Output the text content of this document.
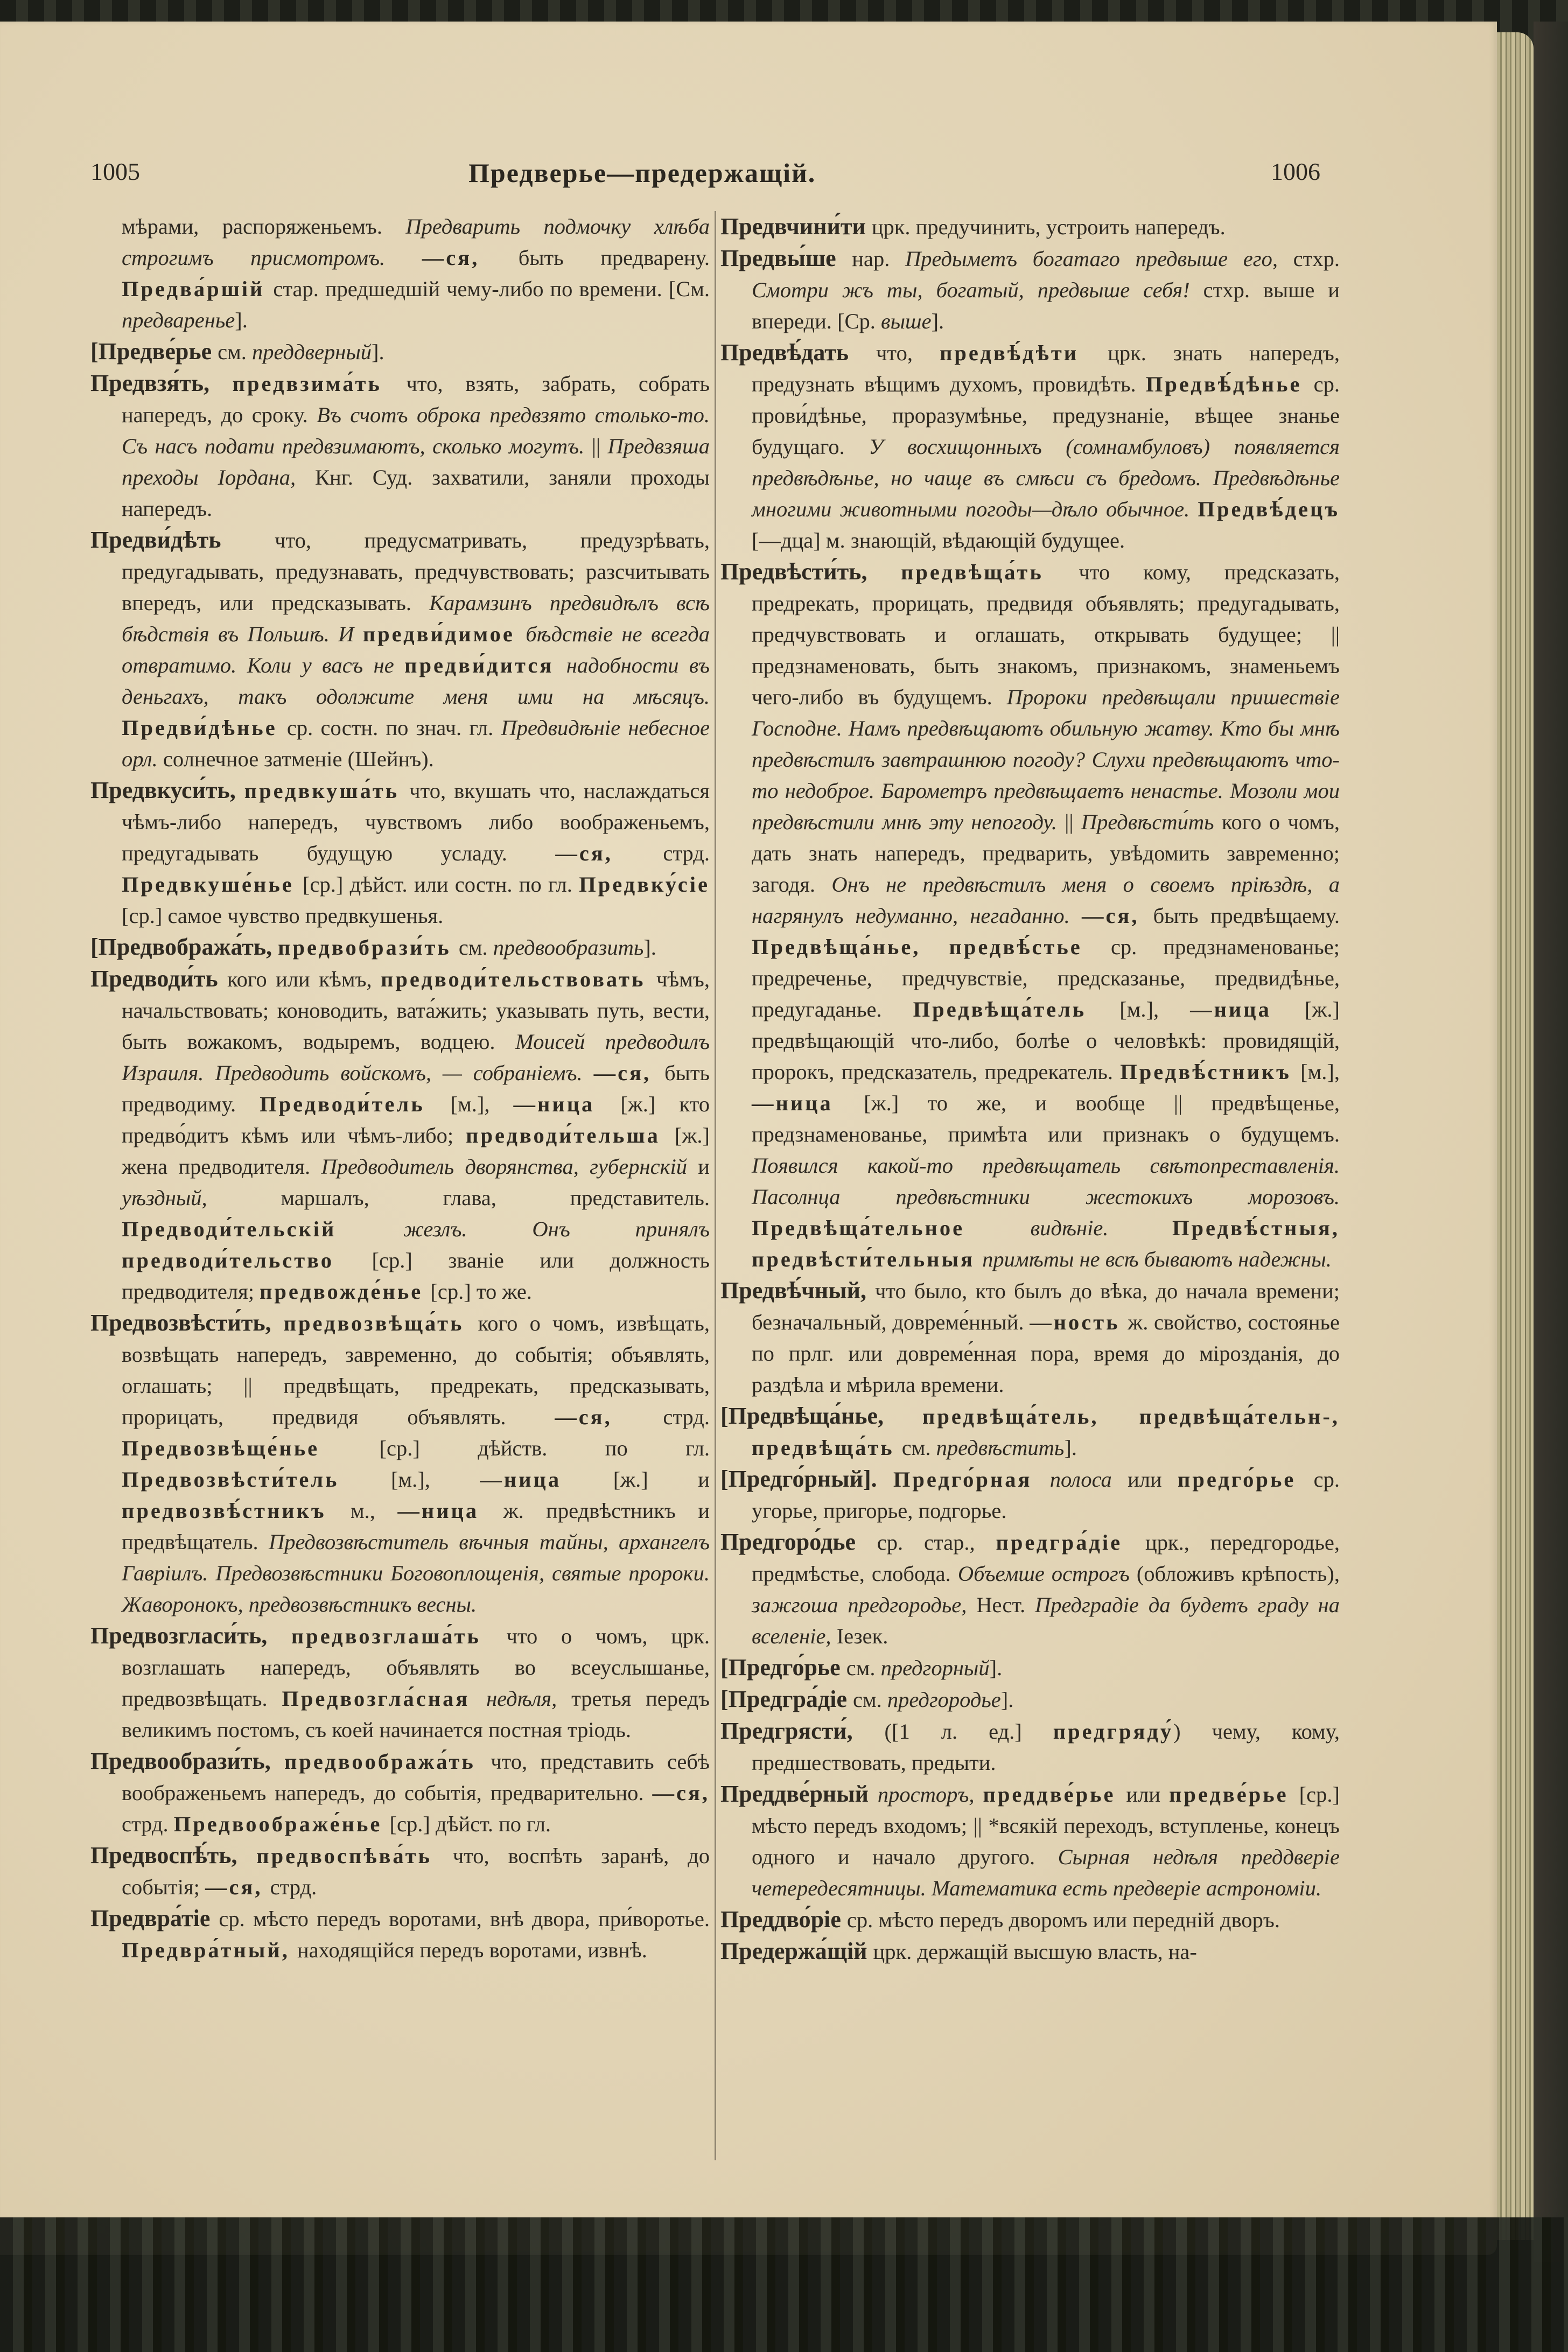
1005	Предверье—предержащій.	1006

мѣрами, распоряженьемъ. Предварить подмочку хлѣба строгимъ присмотромъ. —ся, быть предварену. Предва́ршій стар. предшедшій чему-либо по времени. [См. предвареньe].

[Предве́рье см. преддверный].

Предвзя́ть, предвзима́ть что, взять, забрать, собрать напередъ, до сроку. Въ счотъ оброка предвзято столько-то. Съ насъ подати предвзимаютъ, сколько могутъ. || Предвзяша преходы Iордана, Кнг. Суд. захватили, заняли проходы напередъ.

Предви́дѣть что, предусматривать, предузрѣвать, предугадывать, предузнавать, предчувствовать; разсчитывать впередъ, или предсказывать. Карамзинъ предвидѣлъ всѣ бѣдствія въ Польшѣ. И предви́димое бѣдствіе не всегда отвратимо. Коли у васъ не предви́дится надобности въ деньгахъ, такъ одолжите меня ими на мѣсяцъ. Предви́дѣнье ср. состн. по знач. гл. Предвидѣніе небесное орл. солнечное затменіе (Шейнъ).

Предвкуси́ть, предвкуша́ть что, вкушать что, наслаждаться чѣмъ-либо напередъ, чувствомъ либо воображеньемъ, предугадывать будущую усладу. —ся, стрд. Предвкуше́нье [ср.] дѣйст. или состн. по гл. Предвку́сіе [ср.] самое чувство предвкушенья.

[Предвобража́ть, предвобрази́ть см. предвообразить].

Предводи́ть кого или кѣмъ, предводи́тельствовать чѣмъ, начальствовать; коноводить, вата́жить; указывать путь, вести, быть вожакомъ, водыремъ, водцею. Моисей предводилъ Израиля. Предводить войскомъ, — собраніемъ. —ся, быть предводиму. Предводи́тель [м.], —ница [ж.] кто предво́дитъ кѣмъ или чѣмъ-либо; предводи́тельша [ж.] жена предводителя. Предводитель дворянства, губернскій и уѣздный, маршалъ, глава, представитель. Предводи́тельскій жезлъ. Онъ принялъ предводи́тельство [ср.] званіе или должность предводителя; предвожде́нье [ср.] то же.

Предвозвѣсти́ть, предвозвѣща́ть кого о чомъ, извѣщать, возвѣщать напередъ, завременно, до событія; объявлять, оглашать; || предвѣщать, предрекать, предсказывать, прорицать, предвидя объявлять. —ся, стрд. Предвозвѣще́нье [ср.] дѣйств. по гл. Предвозвѣсти́тель [м.], —ница [ж.] и предвозвѣ́стникъ м., —ница ж. предвѣстникъ и предвѣщатель. Предвозвѣститель вѣчныя тайны, архангелъ Гавріилъ. Предвозвѣстники Боговоплощенія, святые пророки. Жаворонокъ, предвозвѣстникъ весны.

Предвозгласи́ть, предвозглаша́ть что о чомъ, црк. возглашать напередъ, объявлять во всеуслышанье, предвозвѣщать. Предвозгла́сная недѣля, третья передъ великимъ постомъ, съ коей начинается постная тріодь.

Предвообрази́ть, предвообража́ть что, представить себѣ воображеньемъ напередъ, до событія, предварительно. —ся, стрд. Предвоображе́нье [ср.] дѣйст. по гл.

Предвоспѣ́ть, предвоспѣва́ть что, воспѣть заранѣ, до событія; —ся, стрд.

Предвра́тіе ср. мѣсто передъ воротами, внѣ двора, при́воротье. Предвра́тный, находящійся передъ воротами, извнѣ.

Предвчини́ти црк. предучинить, устроить напередъ.

Предвы́ше нар. Предыметъ богатаго предвыше его, стхр. Смотри жъ ты, богатый, предвыше себя! стхр. выше и впереди. [Ср. выше].

Предвѣ́дать что, предвѣ́дѣти црк. знать напередъ, предузнать вѣщимъ духомъ, провидѣть. Предвѣ́дѣнье ср. прови́дѣнье, проразумѣнье, предузнаніе, вѣщее знанье будущаго. У восхищонныхъ (сомнамбуловъ) появляется предвѣдѣнье, но чаще въ смѣси съ бредомъ. Предвѣдѣнье многими животными погоды—дѣло обычное. Предвѣ́децъ [—дца] м. знающій, вѣдающій будущее.

Предвѣсти́ть, предвѣща́ть что кому, предсказать, предрекать, прорицать, предвидя объявлять; предугадывать, предчувствовать и оглашать, открывать будущее; || предзнаменовать, быть знакомъ, признакомъ, знаменьемъ чего-либо въ будущемъ. Пророки предвѣщали пришествіе Господне. Намъ предвѣщаютъ обильную жатву. Кто бы мнѣ предвѣстилъ завтрашнюю погоду? Слухи предвѣщаютъ что-то недоброе. Барометръ предвѣщаетъ ненастье. Мозоли мои предвѣстили мнѣ эту непогоду. || Предвѣсти́ть кого о чомъ, дать знать напередъ, предварить, увѣдомить завременно; загодя. Онъ не предвѣстилъ меня о своемъ пріѣздѣ, а нагрянулъ недуманно, негаданно. —ся, быть предвѣщаему. Предвѣща́нье, предвѣ́стье ср. предзнаменованье; предреченье, предчувствіе, предсказанье, предвидѣнье, предугаданье. Предвѣща́тель [м.], —ница [ж.] предвѣщающій что-либо, болѣе о человѣкѣ: провидящій, пророкъ, предсказатель, предрекатель. Предвѣ́стникъ [м.], —ница [ж.] то же, и вообще || предвѣщенье, предзнаменованье, примѣта или признакъ о будущемъ. Появился какой-то предвѣщатель свѣтопреставленія. Пасолнца предвѣстники жестокихъ морозовъ. Предвѣща́тельное видѣніе. Предвѣ́стныя, предвѣсти́тельныя примѣты не всѣ бываютъ надежны.

Предвѣ́чный, что было, кто былъ до вѣка, до начала времени; безначальный, довреме́нный. —ность ж. свойство, состоянье по прлг. или довреме́нная пора, время до мірозданія, до раздѣла и мѣрила времени.

[Предвѣща́нье, предвѣща́тель, предвѣща́тельн-, предвѣща́ть см. предвѣстить].

[Предго́рный]. Предго́рная полоса или предго́рье ср. угорье, пригорье, подгорье.

Предгоро́дье ср. стар., предгра́діе црк., передгородье, предмѣстье, слобода. Объемше острогъ (обложивъ крѣпость), зажгоша предгородье, Нест. Предградіе да будетъ граду на вселеніе, Iезек.

[Предго́рье см. предгорный].

[Предгра́діе см. предгородье].

Предгрясти́, ([1 л. ед.] предгряду́) чему, кому, предшествовать, предыти.

Преддве́рный просторъ, преддве́рье или предве́рье [ср.] мѣсто передъ входомъ; || *всякій переходъ, вступленье, конецъ одного и начало другого. Сырная недѣля преддверіе четередесятницы. Математика есть предверіе астрономіи.

Преддво́ріе ср. мѣсто передъ дворомъ или передній дворъ.

Предержа́щій црк. держащій высшую власть, на-
